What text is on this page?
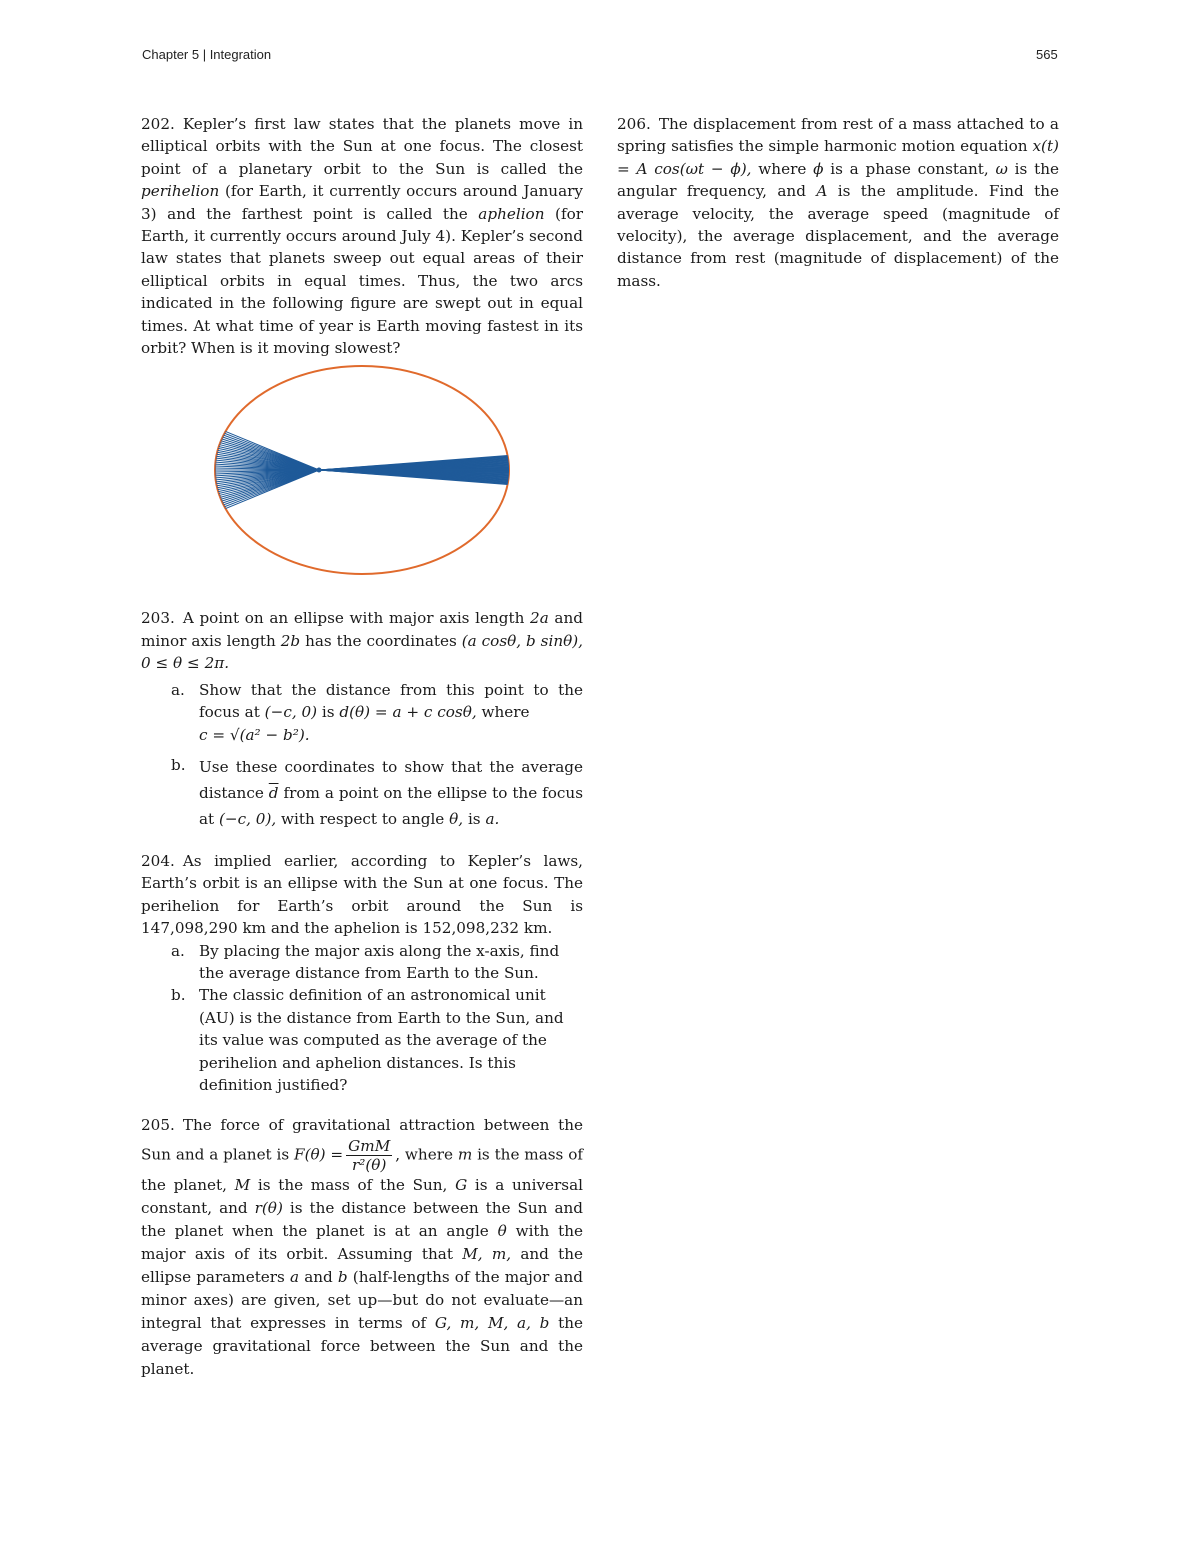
Chapter 5 | Integration	565

202. Kepler’s first law states that the planets move in elliptical orbits with the Sun at one focus. The closest point of a planetary orbit to the Sun is called the perihelion (for Earth, it currently occurs around January 3) and the farthest point is called the aphelion (for Earth, it currently occurs around July 4). Kepler’s second law states that planets sweep out equal areas of their elliptical orbits in equal times. Thus, the two arcs indicated in the following figure are swept out in equal times. At what time of year is Earth moving fastest in its orbit? When is it moving slowest?

203. A point on an ellipse with major axis length 2a and minor axis length 2b has the coordinates (a cosθ, b sinθ), 0 ≤ θ ≤ 2π.

a. Show that the distance from this point to the focus at (−c, 0) is d(θ) = a + c cosθ, where
c = √(a² − b²).
b. Use these coordinates to show that the average distance $\overline{d}$ from a point on the ellipse to the focus at (−c, 0), with respect to angle θ, is a.

204. As implied earlier, according to Kepler’s laws, Earth’s orbit is an ellipse with the Sun at one focus. The perihelion for Earth’s orbit around the Sun is 147,098,290 km and the aphelion is 152,098,232 km.

a. By placing the major axis along the x-axis, find the average distance from Earth to the Sun.
b. The classic definition of an astronomical unit (AU) is the distance from Earth to the Sun, and its value was computed as the average of the perihelion and aphelion distances. Is this definition justified?

205. The force of gravitational attraction between the Sun and a planet is $F(\theta) = \frac{\text{GmM}}{\text{r²(θ)}}$ , where m is the mass of the planet, M is the mass of the Sun, G is a universal constant, and r(θ) is the distance between the Sun and the planet when the planet is at an angle θ with the major axis of its orbit. Assuming that M, m, and the ellipse parameters a and b (half-lengths of the major and minor axes) are given, set up—but do not evaluate—an integral that expresses in terms of G, m, M, a, b the average gravitational force between the Sun and the planet.

206. The displacement from rest of a mass attached to a spring satisfies the simple harmonic motion equation x(t) = A cos(ωt − ϕ), where ϕ is a phase constant, ω is the angular frequency, and A is the amplitude. Find the average velocity, the average speed (magnitude of velocity), the average displacement, and the average distance from rest (magnitude of displacement) of the mass.
